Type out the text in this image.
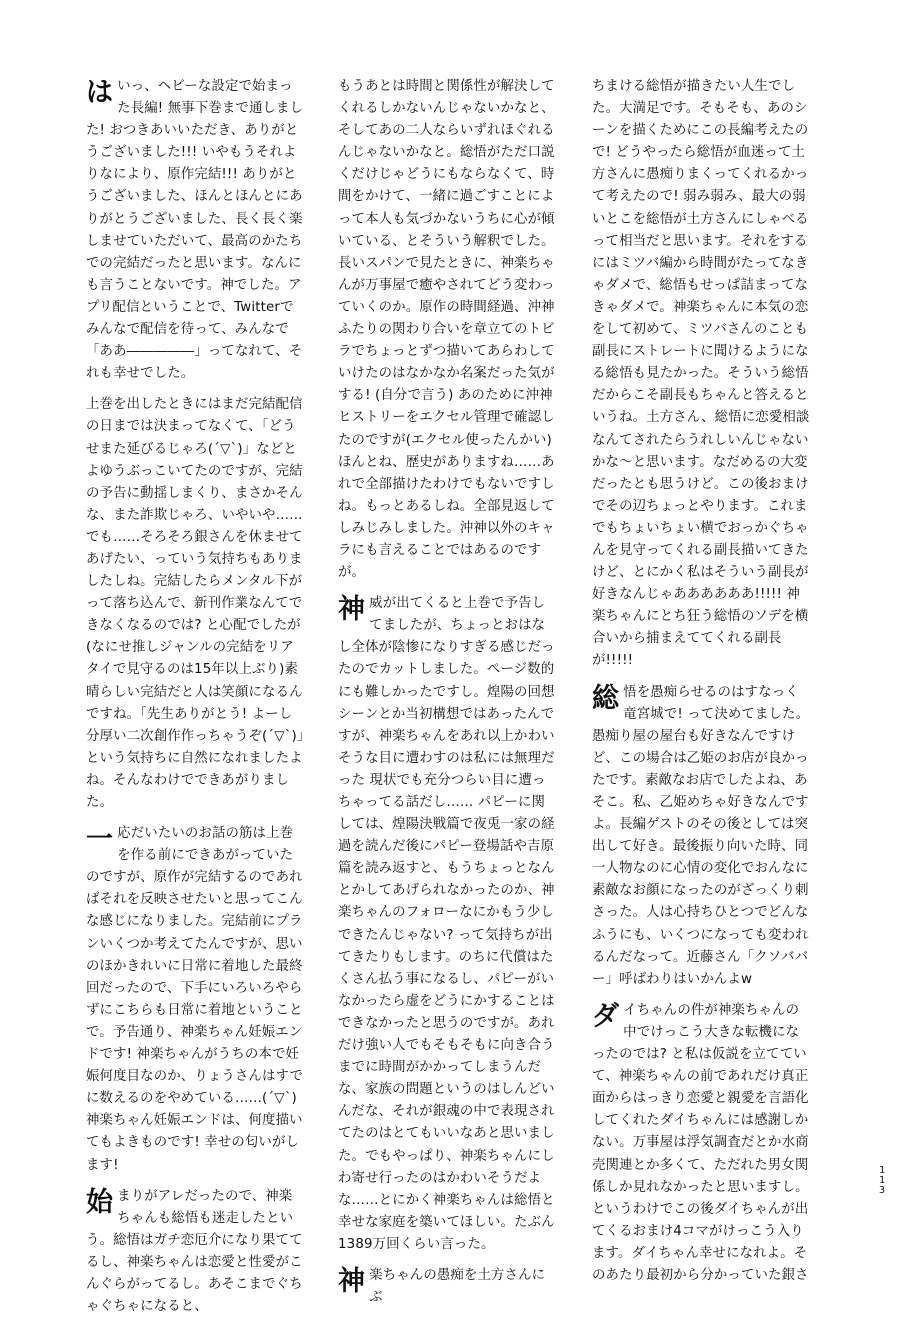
は いっ、ヘビーな設定で始まった長編! 無事下巻まで通しました! おつきあいいただき、ありがとうございました!!! いやもうそれよりなにより、原作完結!!! ありがとうございました、ほんとほんとにありがとうございました、長く長く楽しませていただいて、最高のかたちでの完結だったと思います。なんにも言うことないです。神でした。アプリ配信ということで、Twitterでみんなで配信を待って、みんなで「ああ―――――」ってなれて、それも幸せでした。

上巻を出したときにはまだ完結配信の日までは決まってなくて、「どうせまた延びるじゃろ(´▽`)」などとよゆうぶっこいてたのですが、完結の予告に動揺しまくり、まさかそんな、また詐欺じゃろ、いやいや……でも……そろそろ銀さんを休ませてあげたい、っていう気持ちもありましたしね。完結したらメンタル下がって落ち込んで、新刊作業なんてできなくなるのでは? と心配でしたが(なにせ推しジャンルの完結をリアタイで見守るのは15年以上ぶり)素晴らしい完結だと人は笑顔になるんですね。「先生ありがとう! よーし分厚い二次創作作っちゃうぞ(´▽`)」という気持ちに自然になれましたよね。そんなわけでできあがりました。

一 応だいたいのお話の筋は上巻を作る前にできあがっていたのですが、原作が完結するのであればそれを反映させたいと思ってこんな感じになりました。完結前にプランいくつか考えてたんですが、思いのほかきれいに日常に着地した最終回だったので、下手にいろいろやらずにこちらも日常に着地ということで。予告通り、神楽ちゃん妊娠エンドです! 神楽ちゃんがうちの本で妊娠何度目なのか、りょうさんはすでに数えるのをやめている……(´▽`) 神楽ちゃん妊娠エンドは、何度描いてもよきものです! 幸せの匂いがします!

始 まりがアレだったので、神楽ちゃんも総悟も迷走したという。総悟はガチ恋厄介になり果ててるし、神楽ちゃんは恋愛と性愛がこんぐらがってるし。あそこまでぐちゃぐちゃになると、

もうあとは時間と関係性が解決してくれるしかないんじゃないかなと、そしてあの二人ならいずれほぐれるんじゃないかなと。総悟がただ口説くだけじゃどうにもならなくて、時間をかけて、一緒に過ごすことによって本人も気づかないうちに心が傾いている、とそういう解釈でした。長いスパンで見たときに、神楽ちゃんが万事屋で癒やされてどう変わっていくのか。原作の時間経過、沖神ふたりの関わり合いを章立てのトビラでちょっとずつ描いてあらわしていけたのはなかなか名案だった気がする! (自分で言う) あのために沖神ヒストリーをエクセル管理で確認したのですが(エクセル使ったんかい) ほんとね、歴史がありますね……あれで全部描けたわけでもないですしね。もっとあるしね。全部見返してしみじみしました。沖神以外のキャラにも言えることではあるのですが。

神 威が出てくると上巻で予告してましたが、ちょっとおはなし全体が陰惨になりすぎる感じだったのでカットしました。ページ数的にも難しかったですし。煌陽の回想シーンとか当初構想ではあったんですが、神楽ちゃんをあれ以上かわいそうな目に遭わすのは私には無理だった 現状でも充分つらい目に遭っちゃってる話だし…… パピーに関しては、煌陽決戦篇で夜兎一家の経過を読んだ後にパピー登場話や吉原篇を読み返すと、もうちょっとなんとかしてあげられなかったのか、神楽ちゃんのフォローなにかもう少しできたんじゃない? って気持ちが出てきたりもします。のちに代償はたくさん払う事になるし、パピーがいなかったら虚をどうにかすることはできなかったと思うのですが。あれだけ強い人でもそもそもに向き合うまでに時間がかかってしまうんだな、家族の問題というのはしんどいんだな、それが銀魂の中で表現されてたのはとてもいいなあと思いました。でもやっぱり、神楽ちゃんにしわ寄せ行ったのはかわいそうだよな……とにかく神楽ちゃんは総悟と幸せな家庭を築いてほしい。たぶん1389万回くらい言った。

神 楽ちゃんの愚痴を土方さんにぶ

ちまける総悟が描きたい人生でした。大満足です。そもそも、あのシーンを描くためにこの長編考えたので! どうやったら総悟が血迷って土方さんに愚痴りまくってくれるかって考えたので! 弱み弱み、最大の弱いとこを総悟が土方さんにしゃべるって相当だと思います。それをするにはミツバ編から時間がたってなきゃダメで、総悟もせっぱ詰まってなきゃダメで。神楽ちゃんに本気の恋をして初めて、ミツバさんのことも副長にストレートに聞けるようになる総悟も見たかった。そういう総悟だからこそ副長もちゃんと答えるというね。土方さん、総悟に恋愛相談なんてされたらうれしいんじゃないかな〜と思います。なだめるの大変だったとも思うけど。この後おまけでその辺ちょっとやります。これまでもちょいちょい横でおっかぐちゃんを見守ってくれる副長描いてきたけど、とにかく私はそういう副長が好きなんじゃああああああ!!!!! 神楽ちゃんにとち狂う総悟のソデを横合いから捕まえててくれる副長が!!!!!

総 悟を愚痴らせるのはすなっく竜宮城で! って決めてました。愚痴り屋の屋台も好きなんですけど、この場合は乙姫のお店が良かったです。素敵なお店でしたよね、あそこ。私、乙姫めちゃ好きなんですよ。長編ゲストのその後としては突出して好き。最後振り向いた時、同一人物なのに心情の変化でおんなに素敵なお顔になったのがざっくり刺さった。人は心持ちひとつでどんなふうにも、いくつになっても変われるんだなって。近藤さん「クソババー」呼ばわりはいかんよw

ダ イちゃんの件が神楽ちゃんの中でけっこう大きな転機になったのでは? と私は仮説を立てていて、神楽ちゃんの前であれだけ真正面からはっきり恋愛と親愛を言語化してくれたダイちゃんには感謝しかない。万事屋は浮気調査だとか水商売関連とか多くて、ただれた男女関係しか見れなかったと思いますし。というわけでこの後ダイちゃんが出てくるおまけ4コマがけっこう入ります。ダイちゃん幸せになれよ。そのあたり最初から分かっていた銀さ

1
1
3
